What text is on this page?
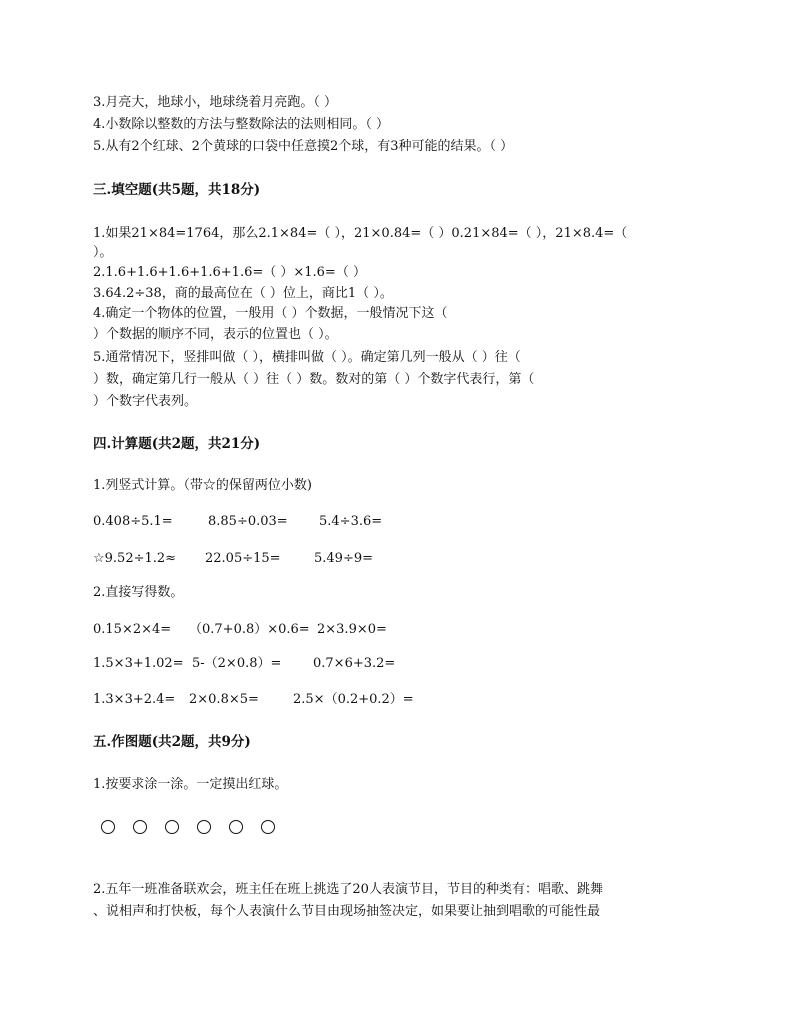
3.月亮大，地球小，地球绕着月亮跑。（ ）
4.小数除以整数的方法与整数除法的法则相同。（ ）
5.从有2个红球、2个黄球的口袋中任意摸2个球，有3种可能的结果。（ ）
三.填空题(共5题，共18分)
1.如果21×84=1764，那么2.1×84=（ ），21×0.84=（ ）0.21×84=（ ），21×8.4=（
）。
2.1.6+1.6+1.6+1.6+1.6=（ ）×1.6=（ ）
3.64.2÷38，商的最高位在（ ）位上，商比1（ ）。
4.确定一个物体的位置，一般用（ ）个数据，一般情况下这（
）个数据的顺序不同，表示的位置也（ ）。
5.通常情况下，竖排叫做（ ），横排叫做（ ）。确定第几列一般从（ ）往（
）数，确定第几行一般从（ ）往（ ）数。数对的第（ ）个数字代表行，第（
）个数字代表列。
四.计算题(共2题，共21分)
1.列竖式计算。（带☆的保留两位小数)
0.408÷5.1=	8.85÷0.03= 5.4÷3.6=
☆9.52÷1.2≈ 22.05÷15=	5.49÷9=
2.直接写得数。
0.15×2×4= （0.7+0.8）×0.6= 2×3.9×0=
1.5×3+1.02= 5-（2×0.8）= 0.7×6+3.2=
1.3×3+2.4= 2×0.8×5=	2.5×（0.2+0.2）=
五.作图题(共2题，共9分)
1.按要求涂一涂。一定摸出红球。
2.五年一班准备联欢会，班主任在班上挑选了20人表演节目，节目的种类有：唱歌、跳舞
、说相声和打快板，每个人表演什么节目由现场抽签决定，如果要让抽到唱歌的可能性最
